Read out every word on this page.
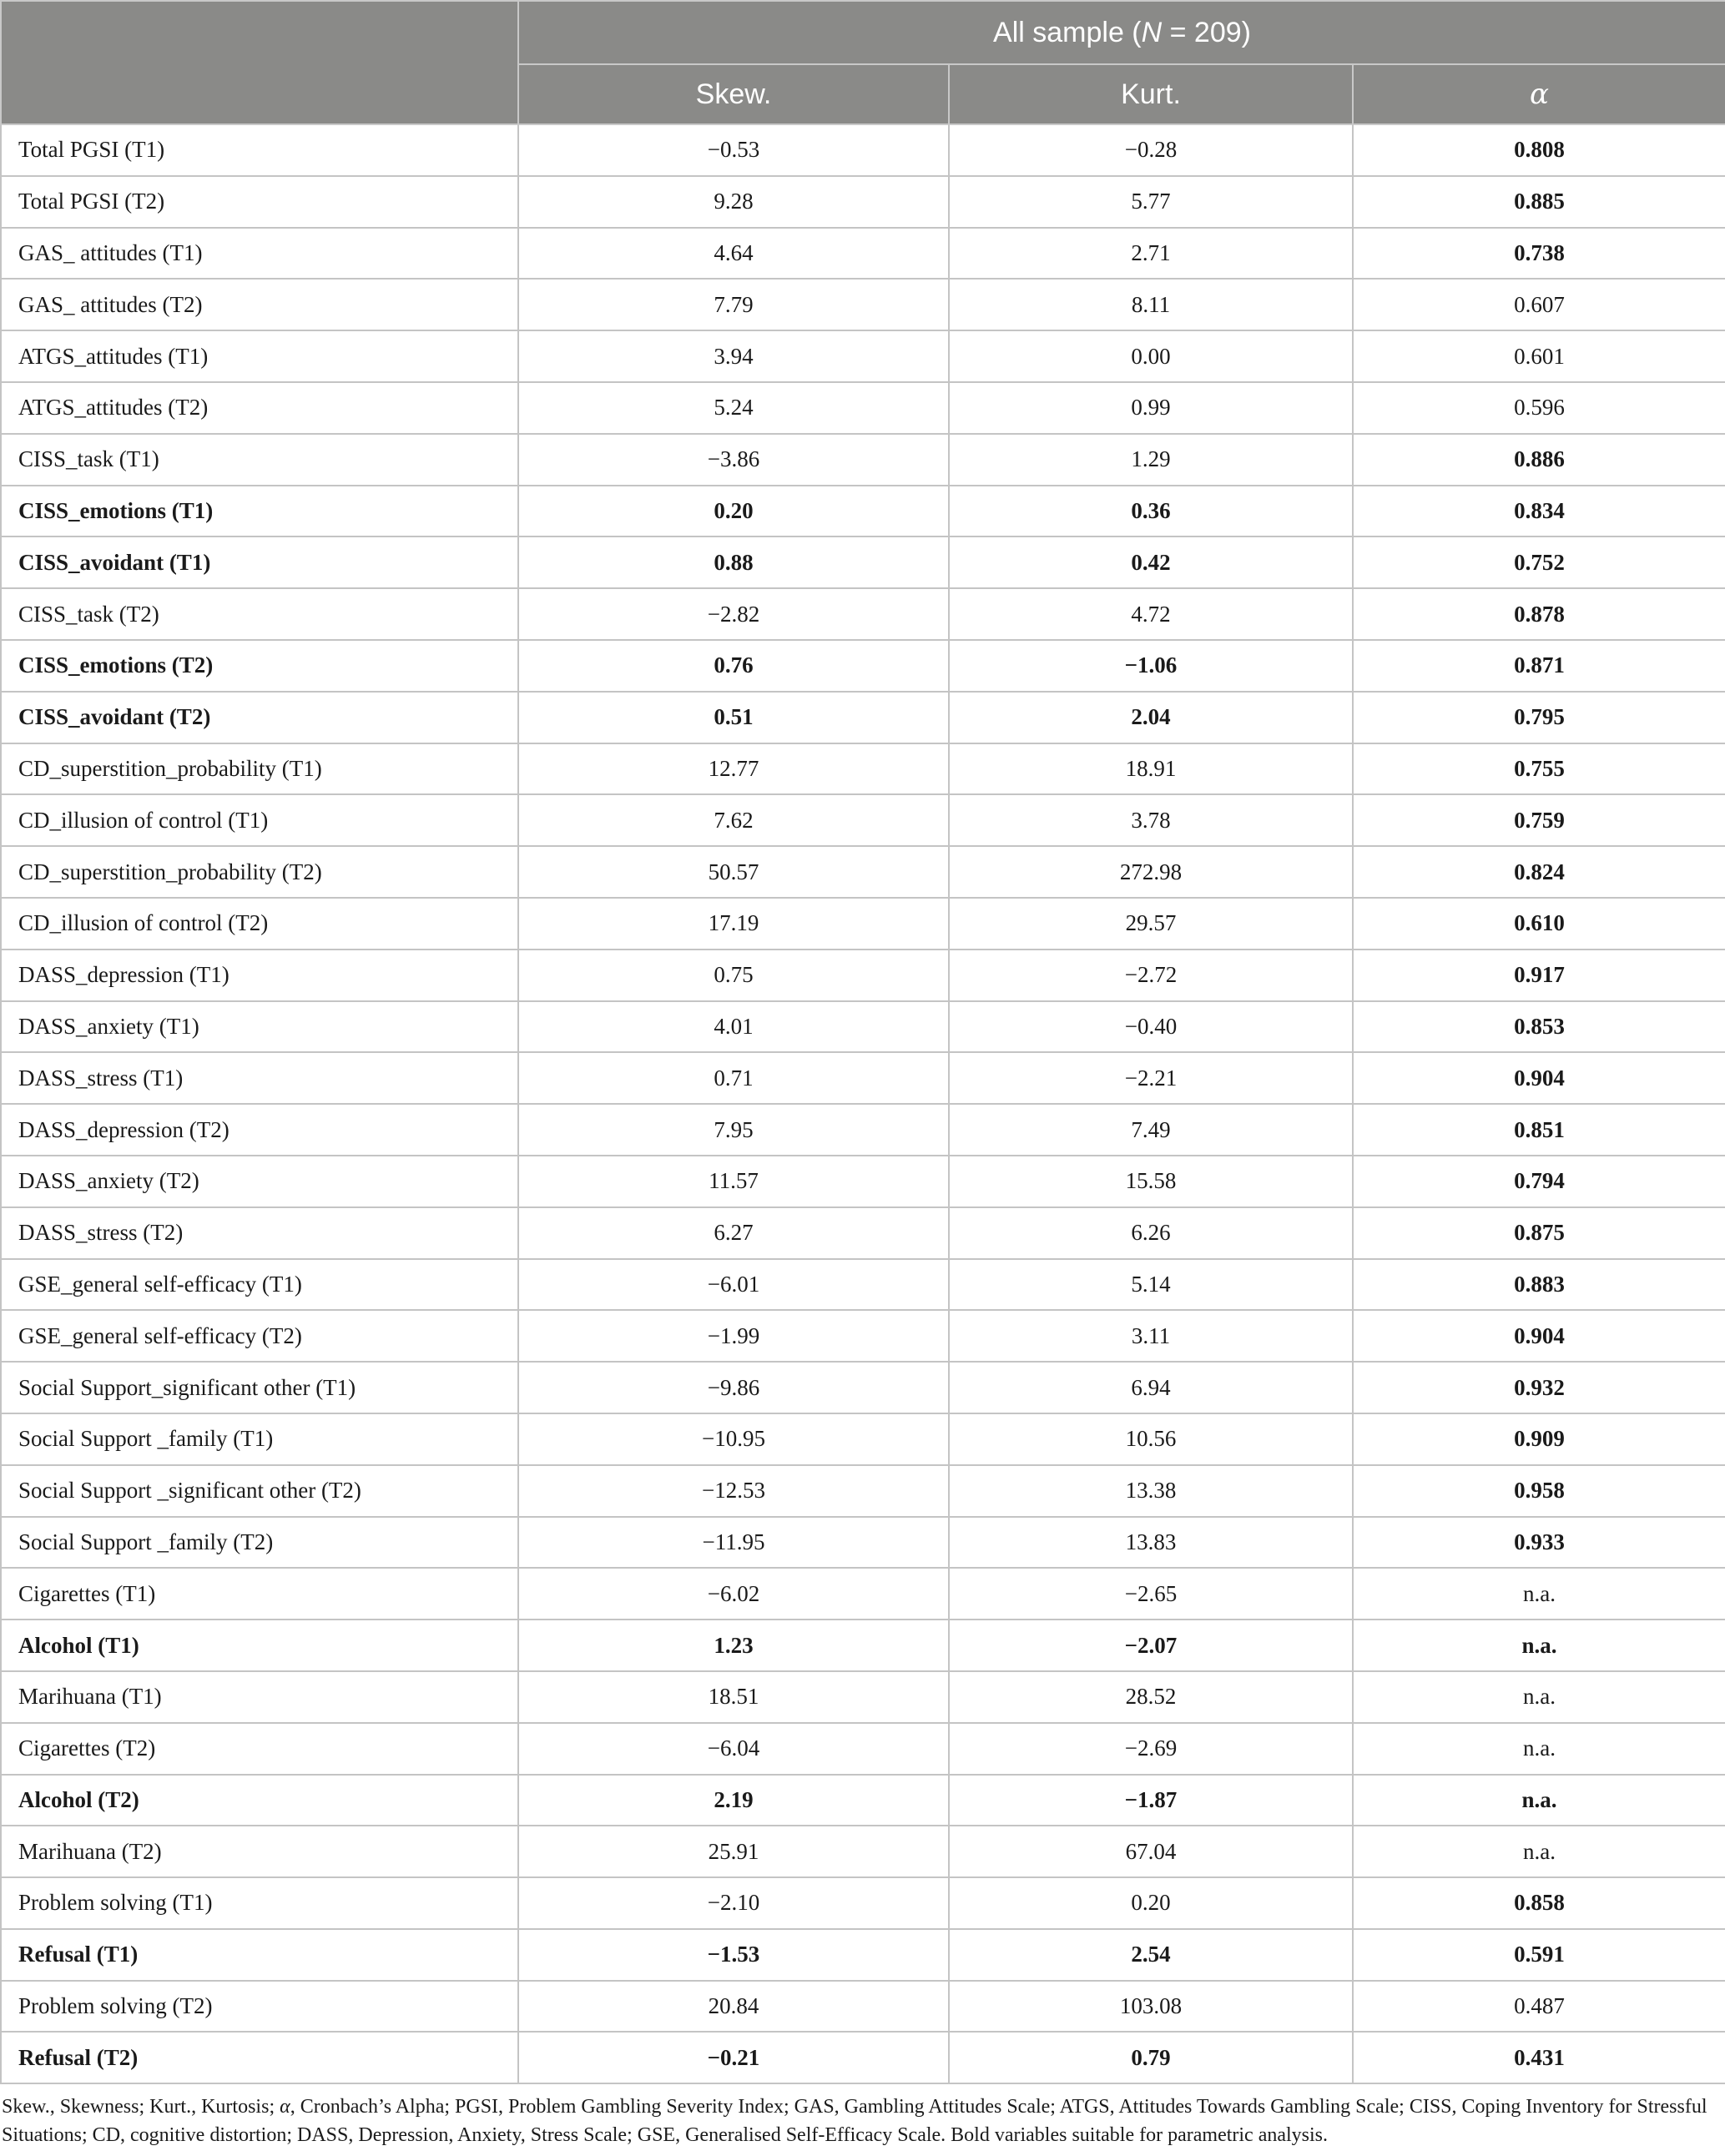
	All sample (N = 209)		
	Skew.	Kurt.	α
Total PGSI (T1)	−0.53	−0.28	0.808
Total PGSI (T2)	9.28	5.77	0.885
GAS_ attitudes (T1)	4.64	2.71	0.738
GAS_ attitudes (T2)	7.79	8.11	0.607
ATGS_attitudes (T1)	3.94	0.00	0.601
ATGS_attitudes (T2)	5.24	0.99	0.596
CISS_task (T1)	−3.86	1.29	0.886
CISS_emotions (T1)	0.20	0.36	0.834
CISS_avoidant (T1)	0.88	0.42	0.752
CISS_task (T2)	−2.82	4.72	0.878
CISS_emotions (T2)	0.76	−1.06	0.871
CISS_avoidant (T2)	0.51	2.04	0.795
CD_superstition_probability (T1)	12.77	18.91	0.755
CD_illusion of control (T1)	7.62	3.78	0.759
CD_superstition_probability (T2)	50.57	272.98	0.824
CD_illusion of control (T2)	17.19	29.57	0.610
DASS_depression (T1)	0.75	−2.72	0.917
DASS_anxiety (T1)	4.01	−0.40	0.853
DASS_stress (T1)	0.71	−2.21	0.904
DASS_depression (T2)	7.95	7.49	0.851
DASS_anxiety (T2)	11.57	15.58	0.794
DASS_stress (T2)	6.27	6.26	0.875
GSE_general self-efficacy (T1)	−6.01	5.14	0.883
GSE_general self-efficacy (T2)	−1.99	3.11	0.904
Social Support_significant other (T1)	−9.86	6.94	0.932
Social Support _family (T1)	−10.95	10.56	0.909
Social Support _significant other (T2)	−12.53	13.38	0.958
Social Support _family (T2)	−11.95	13.83	0.933
Cigarettes (T1)	−6.02	−2.65	n.a.
Alcohol (T1)	1.23	−2.07	n.a.
Marihuana (T1)	18.51	28.52	n.a.
Cigarettes (T2)	−6.04	−2.69	n.a.
Alcohol (T2)	2.19	−1.87	n.a.
Marihuana (T2)	25.91	67.04	n.a.
Problem solving (T1)	−2.10	0.20	0.858
Refusal (T1)	−1.53	2.54	0.591
Problem solving (T2)	20.84	103.08	0.487
Refusal (T2)	−0.21	0.79	0.431
Skew., Skewness; Kurt., Kurtosis; α, Cronbach’s Alpha; PGSI, Problem Gambling Severity Index; GAS, Gambling Attitudes Scale; ATGS, Attitudes Towards Gambling Scale; CISS, Coping Inventory for Stressful Situations; CD, cognitive distortion; DASS, Depression, Anxiety, Stress Scale; GSE, Generalised Self-Efficacy Scale. Bold variables suitable for parametric analysis.
